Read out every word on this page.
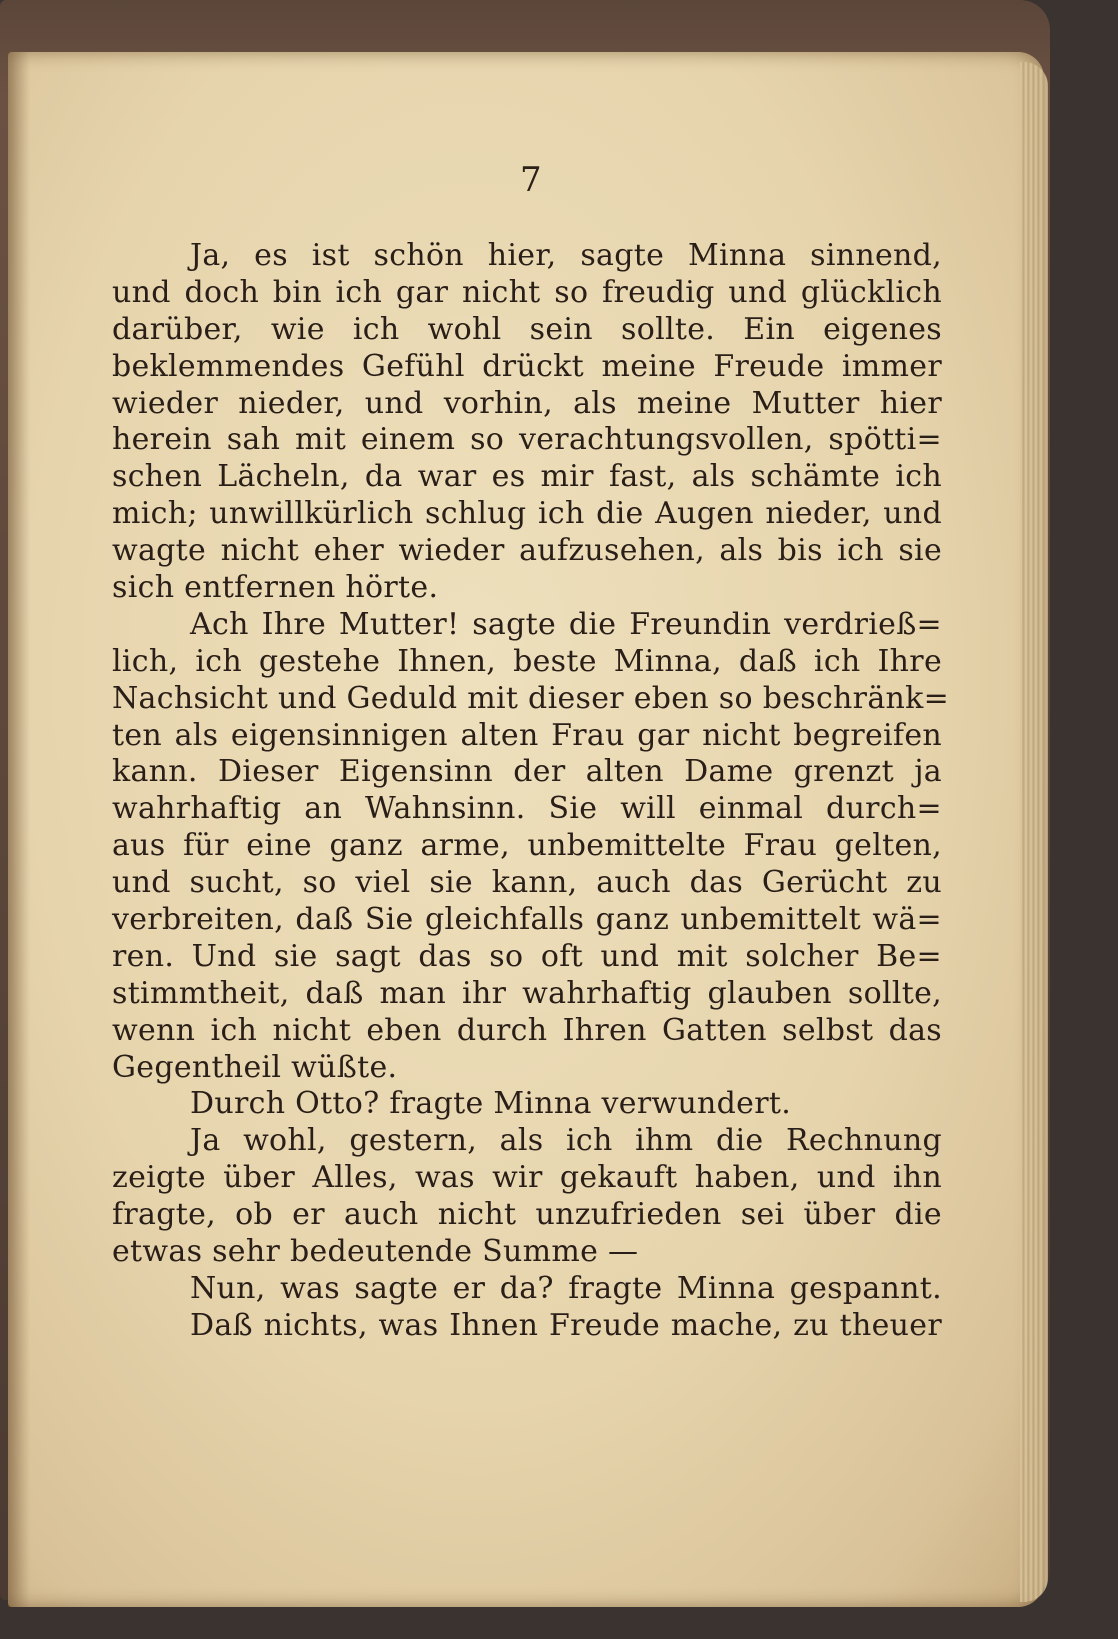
7
Ja, es ist schön hier, sagte Minna sinnend,
und doch bin ich gar nicht so freudig und glücklich
darüber, wie ich wohl sein sollte. Ein eigenes
beklemmendes Gefühl drückt meine Freude immer
wieder nieder, und vorhin, als meine Mutter hier
herein sah mit einem so verachtungsvollen, spötti=
schen Lächeln, da war es mir fast, als schämte ich
mich; unwillkürlich schlug ich die Augen nieder, und
wagte nicht eher wieder aufzusehen, als bis ich sie
sich entfernen hörte.
Ach Ihre Mutter! sagte die Freundin verdrieß=
lich, ich gestehe Ihnen, beste Minna, daß ich Ihre
Nachsicht und Geduld mit dieser eben so beschränk=
ten als eigensinnigen alten Frau gar nicht begreifen
kann. Dieser Eigensinn der alten Dame grenzt ja
wahrhaftig an Wahnsinn. Sie will einmal durch=
aus für eine ganz arme, unbemittelte Frau gelten,
und sucht, so viel sie kann, auch das Gerücht zu
verbreiten, daß Sie gleichfalls ganz unbemittelt wä=
ren. Und sie sagt das so oft und mit solcher Be=
stimmtheit, daß man ihr wahrhaftig glauben sollte,
wenn ich nicht eben durch Ihren Gatten selbst das
Gegentheil wüßte.
Durch Otto? fragte Minna verwundert.
Ja wohl, gestern, als ich ihm die Rechnung
zeigte über Alles, was wir gekauft haben, und ihn
fragte, ob er auch nicht unzufrieden sei über die
etwas sehr bedeutende Summe —
Nun, was sagte er da? fragte Minna gespannt.
Daß nichts, was Ihnen Freude mache, zu theuer
